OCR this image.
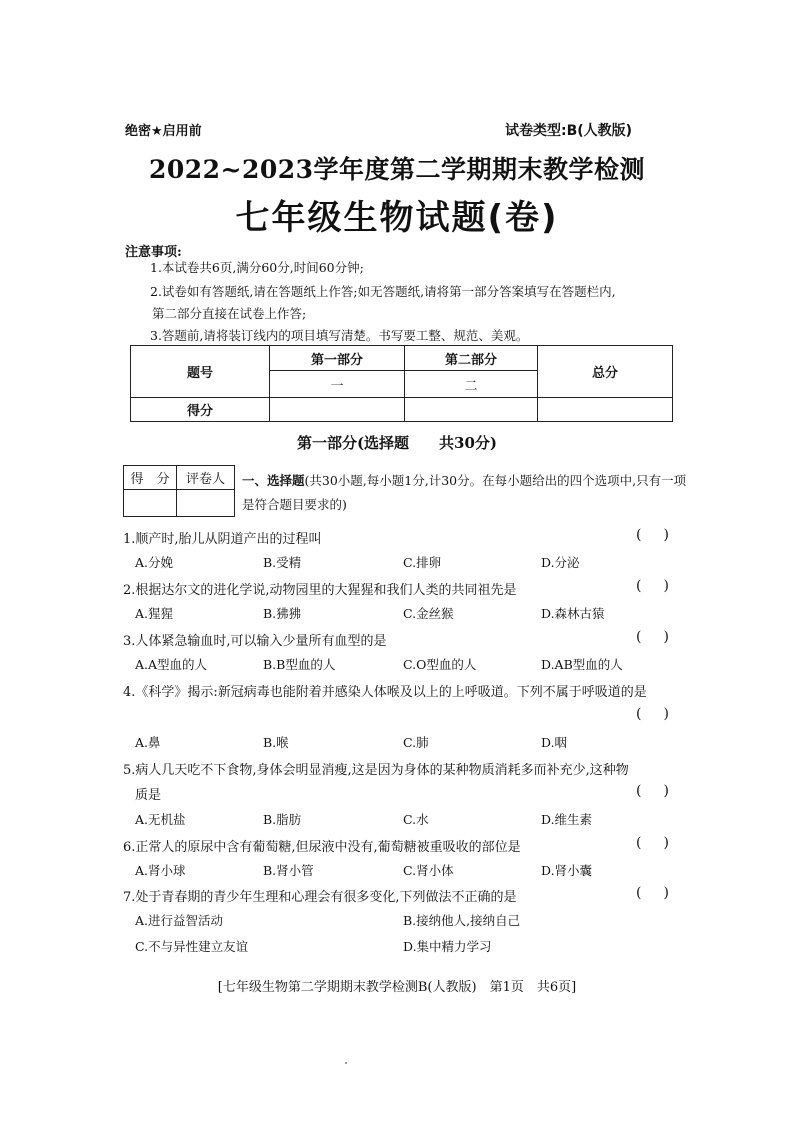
绝密★启用前	试卷类型:B(人教版)
2022~2023学年度第二学期期末教学检测
七年级生物试题(卷)
注意事项:
1.本试卷共6页,满分60分,时间60分钟;
2.试卷如有答题纸,请在答题纸上作答;如无答题纸,请将第一部分答案填写在答题栏内,
第二部分直接在试卷上作答;
3.答题前,请将装订线内的项目填写清楚。书写要工整、规范、美观。
题号	第一部分	第二部分	总分
	一	二	
得分			
第一部分(选择题　　共30分)
得　分	评卷人
	一、选择题(共30小题,每小题1分,计30分。在每小题给出的四个选项中,只有一项是符合题目要求的)
1.顺产时,胎儿从阴道产出的过程叫	()
A.分娩	B.受精	C.排卵	D.分泌
2.根据达尔文的进化学说,动物园里的大猩猩和我们人类的共同祖先是	()
A.猩猩	B.狒狒	C.金丝猴	D.森林古猿
3.人体紧急输血时,可以输入少量所有血型的是	()
A.A型血的人	B.B型血的人	C.O型血的人	D.AB型血的人
4.《科学》揭示:新冠病毒也能附着并感染人体喉及以上的上呼吸道。下列不属于呼吸道的是
()
A.鼻	B.喉	C.肺	D.咽
5.病人几天吃不下食物,身体会明显消瘦,这是因为身体的某种物质消耗多而补充少,这种物
质是	()
A.无机盐	B.脂肪	C.水	D.维生素
6.正常人的原尿中含有葡萄糖,但尿液中没有,葡萄糖被重吸收的部位是	()
A.肾小球	B.肾小管	C.肾小体	D.肾小囊
7.处于青春期的青少年生理和心理会有很多变化,下列做法不正确的是	()
A.进行益智活动	B.接纳他人,接纳自己
C.不与异性建立友谊	D.集中精力学习
[七年级生物第二学期期末教学检测B(人教版)　第1页　共6页]
